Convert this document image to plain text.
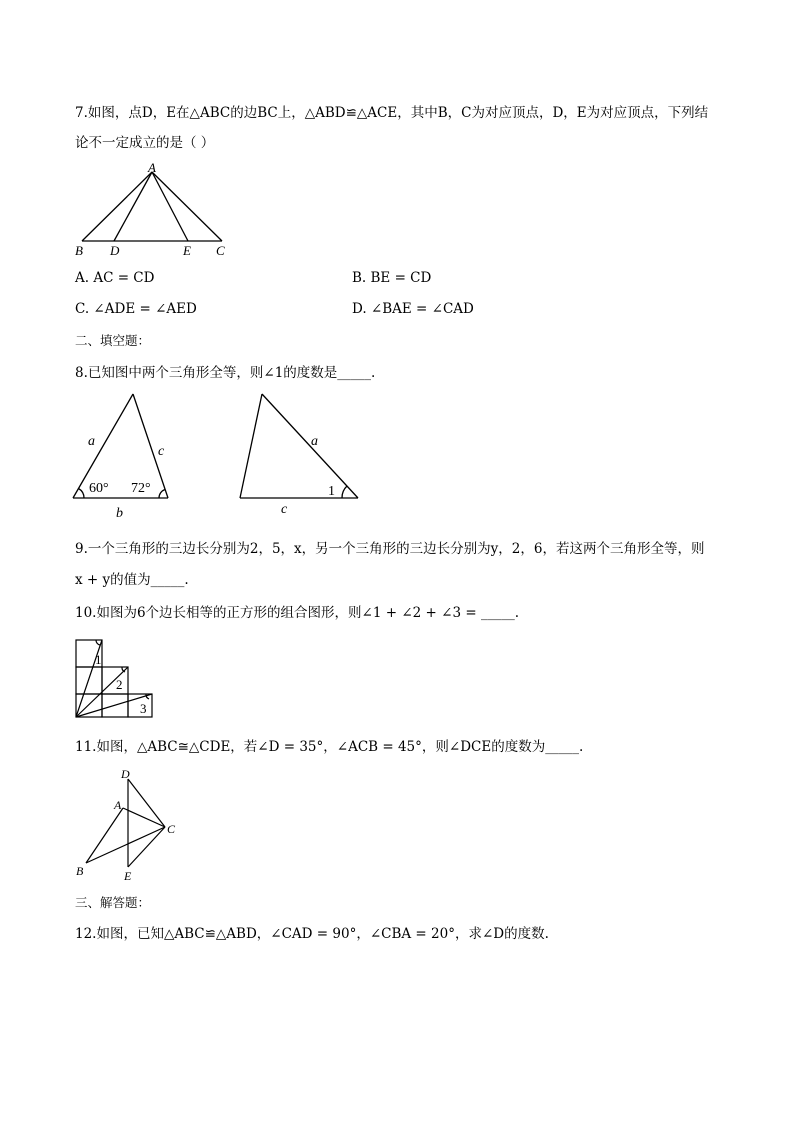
7.如图，点D，E在△ABC的边BC上，△ABD≌△ACE，其中B，C为对应顶点，D，E为对应顶点，下列结
论不一定成立的是（ ）
A
B D	E C
A. AC = CD	B. BE = CD
C. ∠ADE = ∠AED	D. ∠BAE = ∠CAD
二、填空题：
8.已知图中两个三角形全等，则∠1的度数是_____.
a
c
b
60° 72°
a
c
1
9.一个三角形的三边长分别为2，5，x，另一个三角形的三边长分别为y，2，6，若这两个三角形全等，则
x + y的值为_____.
10.如图为6个边长相等的正方形的组合图形，则∠1 + ∠2 + ∠3 = _____.
1
2
3
11.如图，△ABC≅△CDE，若∠D = 35°，∠ACB = 45°，则∠DCE的度数为_____.
D
A
C
B	E
三、解答题：
12.如图，已知△ABC≌△ABD，∠CAD = 90°，∠CBA = 20°，求∠D的度数.
